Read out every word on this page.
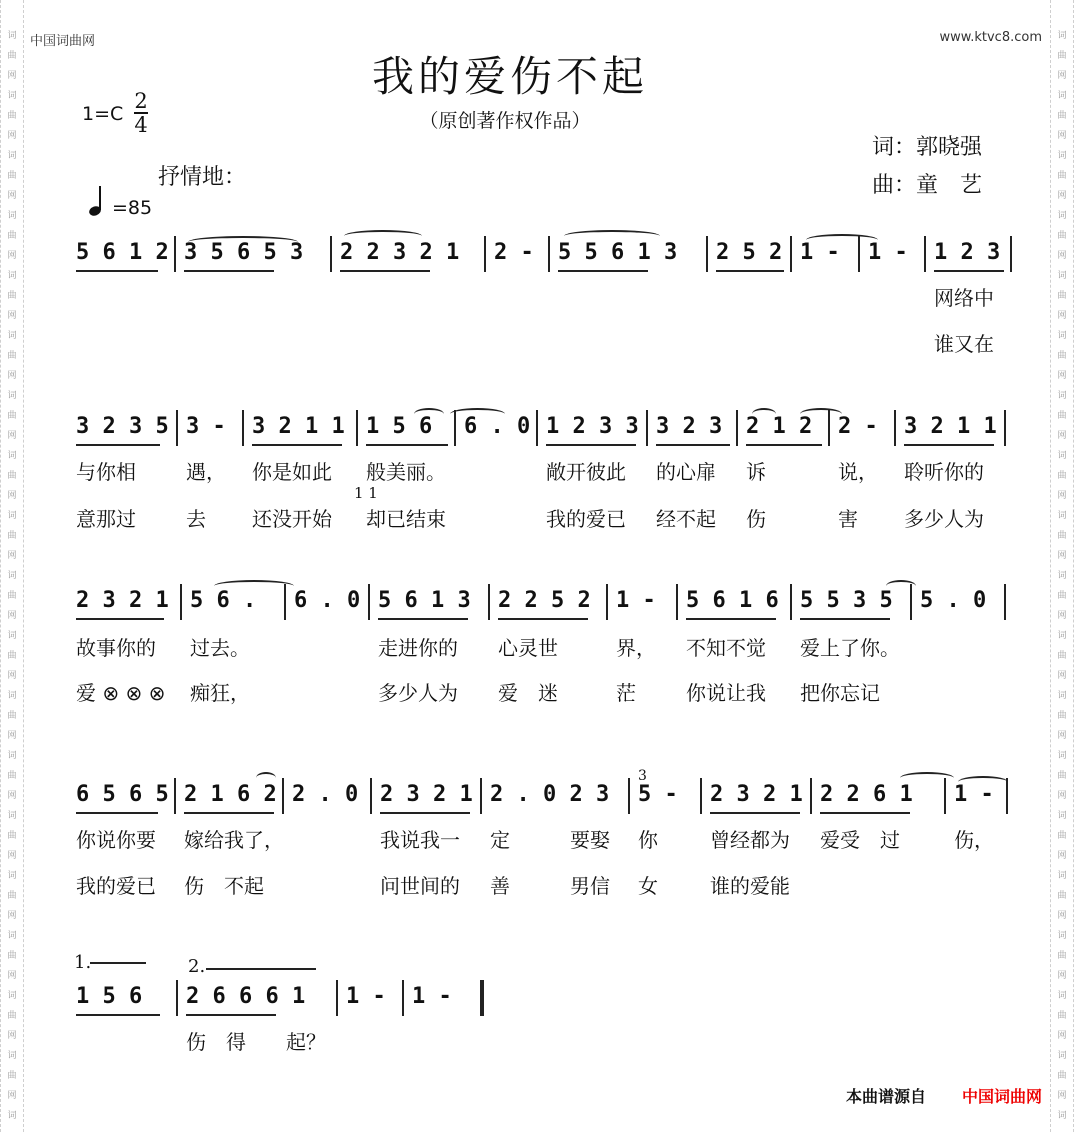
词
曲
网
词
曲
网
词
曲
网
词
曲
网
词
曲
网
词
曲
网
词
曲
网
词
曲
网
词
曲
网
词
曲
网
词
曲
网
词
曲
网
词
曲
网
词
曲
网
词
曲
网
词
曲
网
词
曲
网
词
曲
网
词
词
曲
网
词
曲
网
词
曲
网
词
曲
网
词
曲
网
词
曲
网
词
曲
网
词
曲
网
词
曲
网
词
曲
网
词
曲
网
词
曲
网
词
曲
网
词
曲
网
词
曲
网
词
曲
网
词
曲
网
词
曲
网
词
中国词曲网	www.ktvc8.com
我的爱伤不起
（原创著作权作品）
1=C
2
4
抒情地：
=85
词：郭晓强
曲：童　艺
5 6 1 2 3 5 6 5 3 2 2 3 2 1 2 - 5 5 6 1 3 2 5 2 1 - 1 - 1 2 3
网络中
谁又在
3 2 3 5
与你相
意那过
3 -
遇，
去
3 2 1 1
你是如此
还没开始
1 5 6
般美丽。
却已结束
6 . 0 1 2 3 3
敞开彼此
我的爱已
3 2 3
的心扉
经不起
2 1 2
诉
伤
2 -
说，
害
3 2 1 1
聆听你的
多少人为
2 3 2 1
故事你的
爱 ⊗ ⊗ ⊗
5 6 .
过去。
痴狂，
6 . 0 5 6 1 3
走进你的
多少人为
2 2 5 2
心灵世
爱　迷
1 -
界，
茫
5 6 1 6
不知不觉
你说让我
5 5 3 5
爱上了你。
把你忘记
5 . 0
6 5 6 5
你说你要
我的爱已
2 1 6 2
嫁给我了，
伤　不起
2 . 0 2 3 2 1
我说我一
问世间的
2 . 0 2 3
定　　　要娶
善　　　男信
5 -
你
女
2 3 2 1
曾经都为
谁的爱能
2 2 6 1
爱受　过
1 -
伤，
1 5 6 2 6 6 6 1
伤　得　　起？
1 - 1 -
1.	2.
3
1 1
本曲谱源自 中国词曲网
